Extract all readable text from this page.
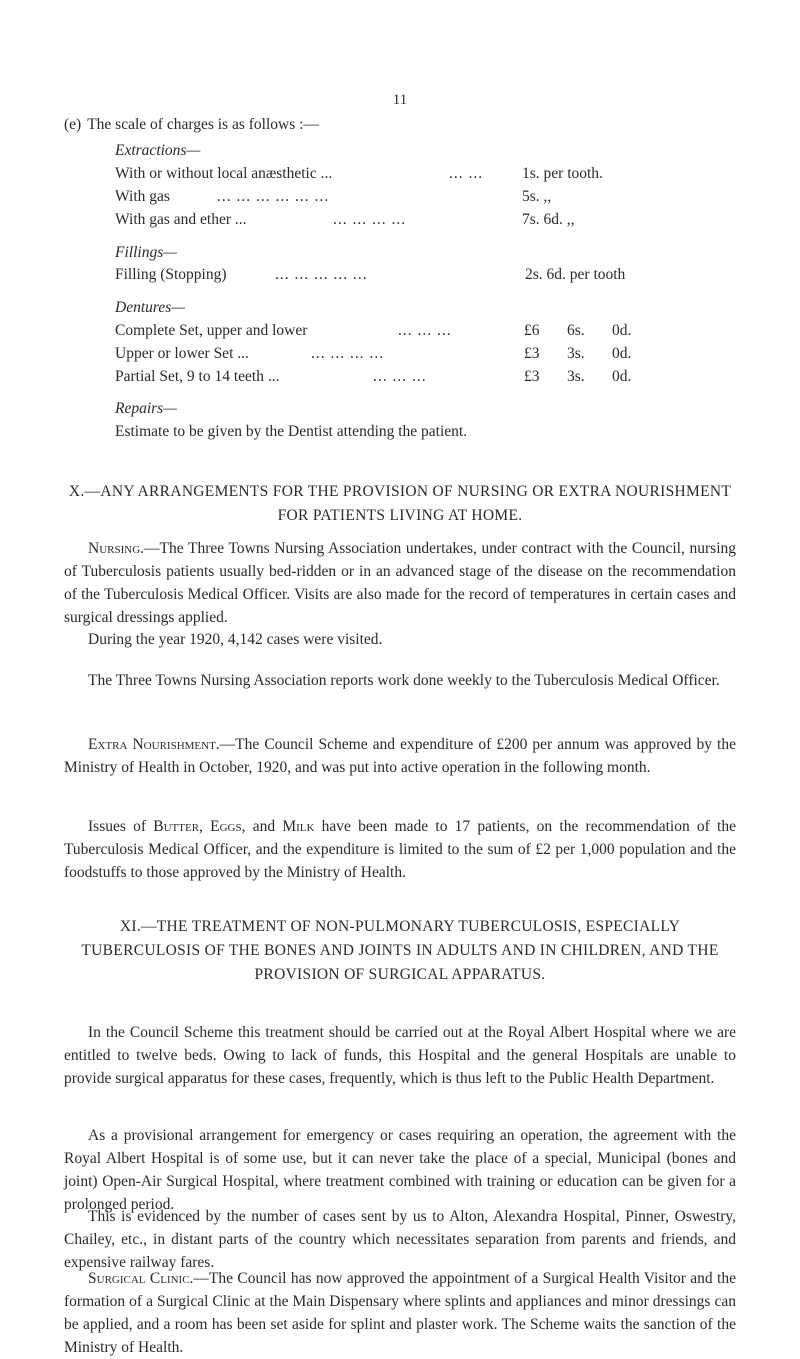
11
(e) The scale of charges is as follows :—
Extractions—
With or without local anæsthetic ...	... ...	1s. per tooth.
With gas	... ... ... ... ... ...	5s. ,,
With gas and ether ...	... ... ... ...	7s. 6d. ,,
Fillings—
Filling (Stopping)	... ... ... ... ...	2s. 6d. per tooth
Dentures—
Complete Set, upper and lower	... ... ...	£6 6s. 0d.
Upper or lower Set ...	... ... ... ...	£3 3s. 0d.
Partial Set, 9 to 14 teeth ...	... ... ...	£3 3s. 0d.
Repairs—
Estimate to be given by the Dentist attending the patient.
X.—ANY ARRANGEMENTS FOR THE PROVISION OF NURSING OR EXTRA NOURISHMENT FOR PATIENTS LIVING AT HOME.
Nursing.—The Three Towns Nursing Association undertakes, under contract with the Council, nursing of Tuberculosis patients usually bed-ridden or in an advanced stage of the disease on the recommendation of the Tuberculosis Medical Officer. Visits are also made for the record of temperatures in certain cases and surgical dressings applied.
During the year 1920, 4,142 cases were visited.
The Three Towns Nursing Association reports work done weekly to the Tuberculosis Medical Officer.
Extra Nourishment.—The Council Scheme and expenditure of £200 per annum was approved by the Ministry of Health in October, 1920, and was put into active operation in the following month.
Issues of Butter, Eggs, and Milk have been made to 17 patients, on the recommendation of the Tuberculosis Medical Officer, and the expenditure is limited to the sum of £2 per 1,000 population and the foodstuffs to those approved by the Ministry of Health.
XI.—THE TREATMENT OF NON-PULMONARY TUBERCULOSIS, ESPECIALLY TUBERCULOSIS OF THE BONES AND JOINTS IN ADULTS AND IN CHILDREN, AND THE PROVISION OF SURGICAL APPARATUS.
In the Council Scheme this treatment should be carried out at the Royal Albert Hospital where we are entitled to twelve beds. Owing to lack of funds, this Hospital and the general Hospitals are unable to provide surgical apparatus for these cases, frequently, which is thus left to the Public Health Department.
As a provisional arrangement for emergency or cases requiring an operation, the agreement with the Royal Albert Hospital is of some use, but it can never take the place of a special, Municipal (bones and joint) Open-Air Surgical Hospital, where treatment combined with training or education can be given for a prolonged period.
This is evidenced by the number of cases sent by us to Alton, Alexandra Hospital, Pinner, Oswestry, Chailey, etc., in distant parts of the country which necessitates separation from parents and friends, and expensive railway fares.
Surgical Clinic.—The Council has now approved the appointment of a Surgical Health Visitor and the formation of a Surgical Clinic at the Main Dispensary where splints and appliances and minor dressings can be applied, and a room has been set aside for splint and plaster work. The Scheme waits the sanction of the Ministry of Health.
